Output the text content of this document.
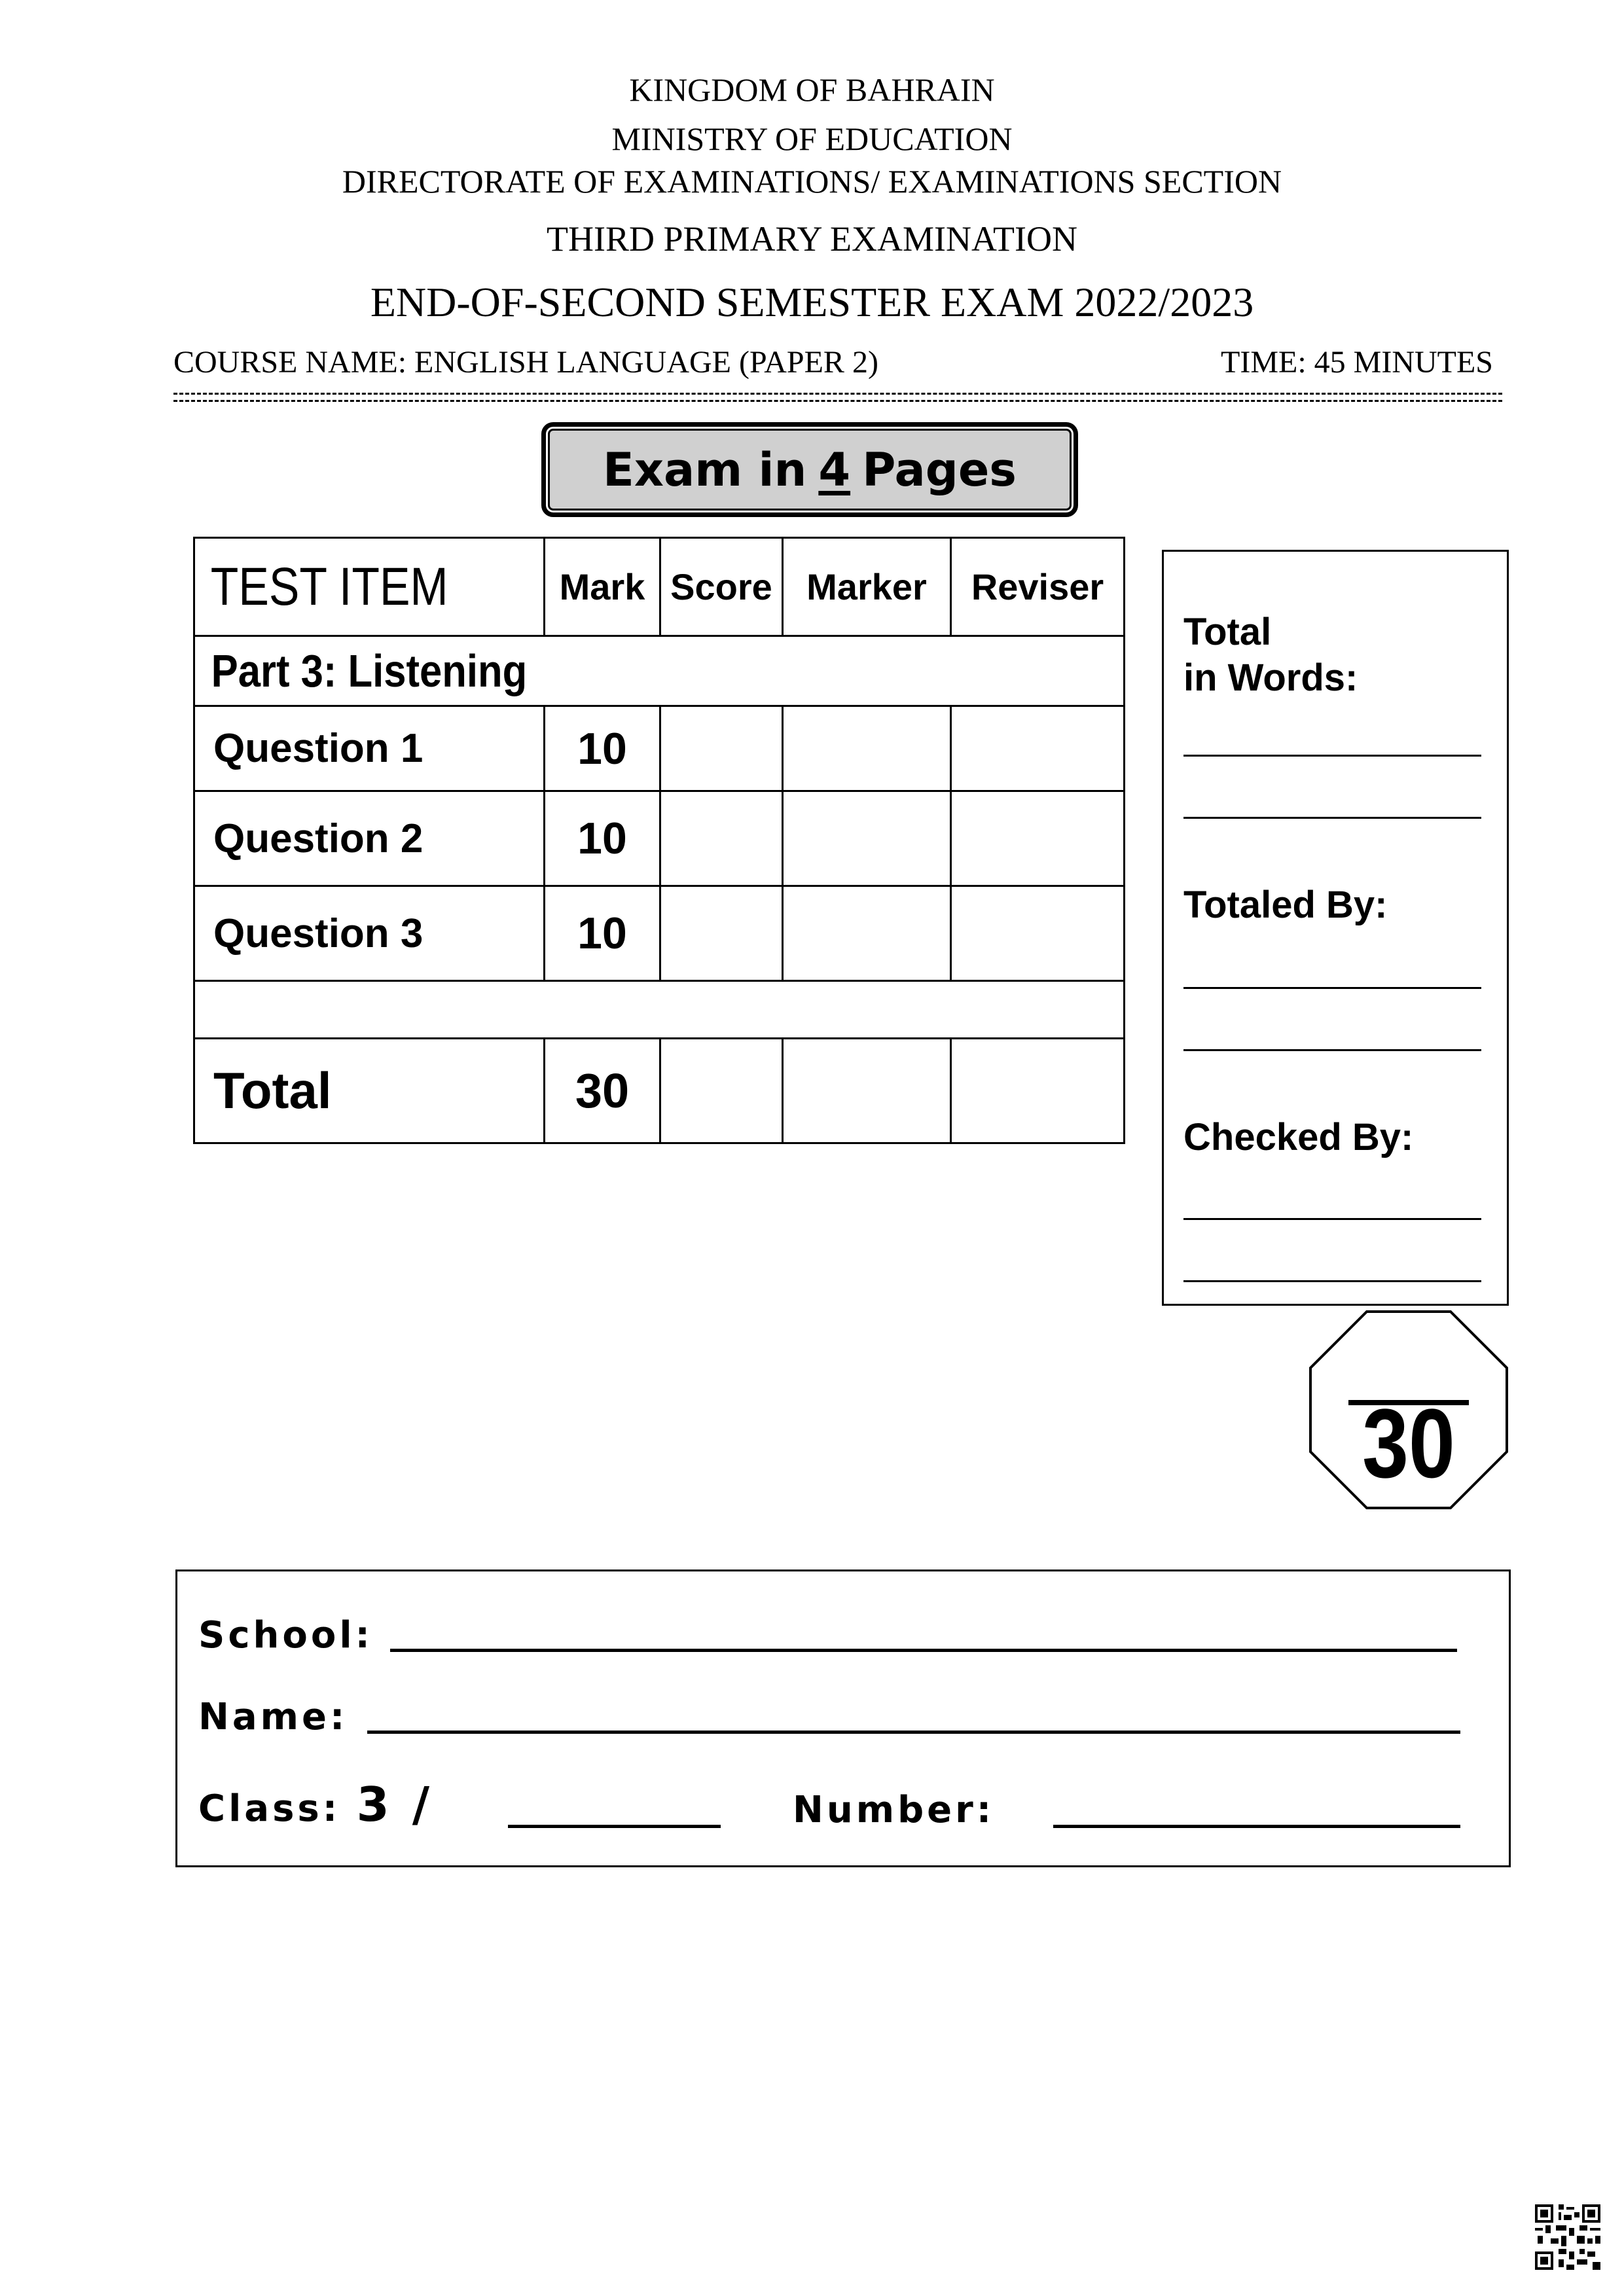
KINGDOM OF BAHRAIN
MINISTRY OF EDUCATION
DIRECTORATE OF EXAMINATIONS/ EXAMINATIONS SECTION
THIRD PRIMARY EXAMINATION
END-OF-SECOND SEMESTER EXAM 2022/2023
COURSE NAME: ENGLISH LANGUAGE (PAPER 2)	TIME: 45 MINUTES
Exam in 4 Pages
TEST ITEM	Mark	Score	Marker	Reviser
Part 3: Listening				
Question 1	10			
Question 2	10			
Question 3	10			

Total	30			
Total
in Words:
Totaled By:
Checked By:
30
School:
Name:
Class: 3 /	Number:
